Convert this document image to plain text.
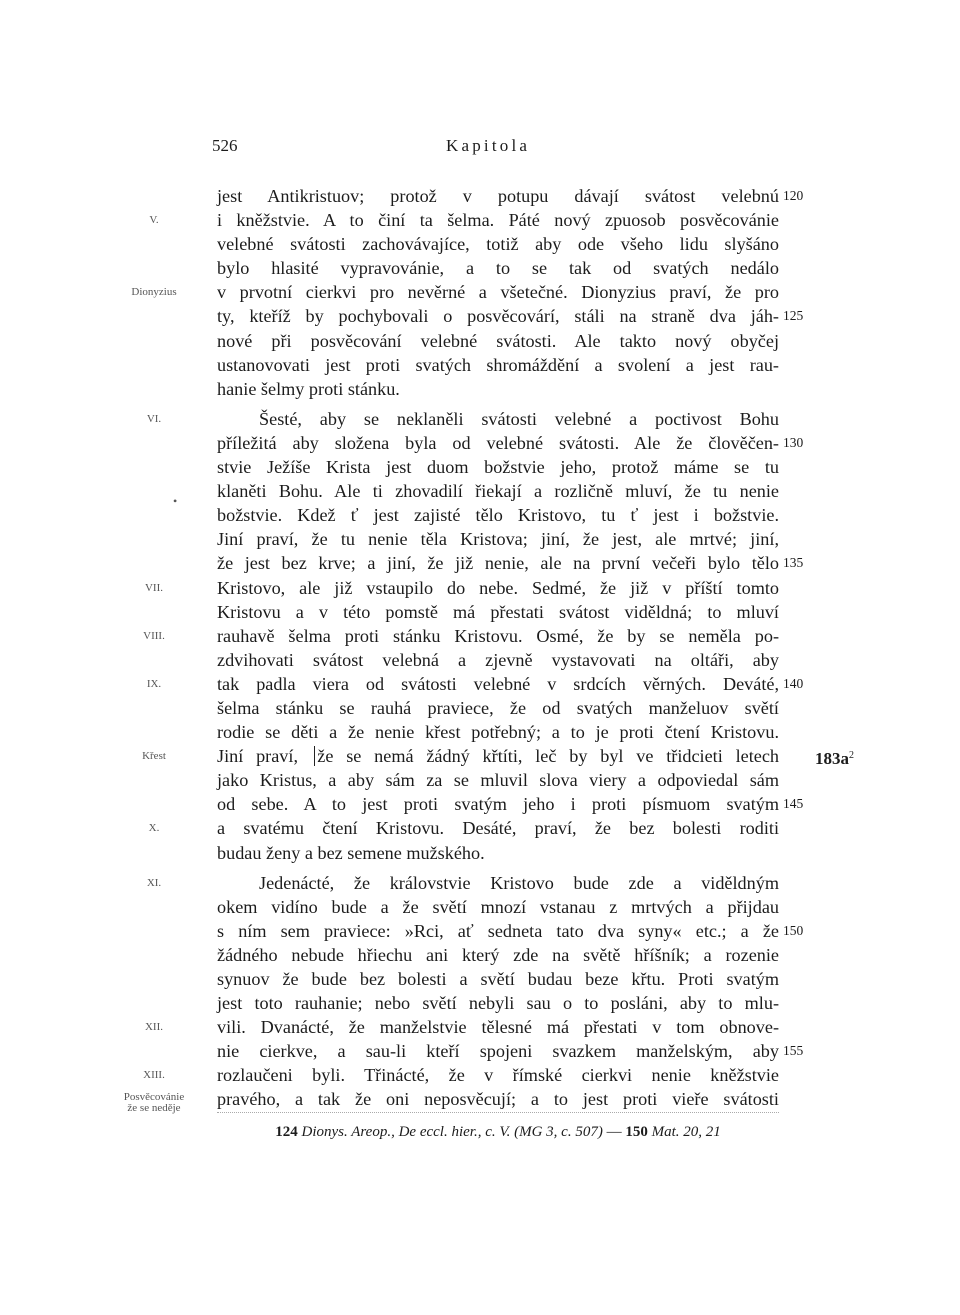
526	Kapitola
jest Antikristuov; protož v potupu dávají svátost velebnú 120
V.	i kněžstvie. A to činí ta šelma. Páté nový zpuosob posvěcovánie
velebné svátosti zachovávajíce, totiž aby ode všeho lidu slyšáno
bylo hlasité vypravovánie, a to se tak od svatých nedálo
Dionyzius	v prvotní cierkvi pro nevěrné a všetečné. Dionyzius praví, že pro
ty, kteříž by pochybovali o posvěcovárí, stáli na straně dva jáh- 125
nové při posvěcování velebné svátosti. Ale takto nový obyčej
ustanovovati jest proti svatých shromáždění a svolení a jest rau-
hanie šelmy proti stánku.
VI.	Šesté, aby se neklaněli svátosti velebné a poctivost Bohu
příležitá aby složena byla od velebné svátosti. Ale že člověčen- 130
stvie Ježíše Krista jest duom božstvie jeho, protož máme se tu
klaněti Bohu. Ale ti zhovadilí řiekají a rozličně mluví, že tu nenie
božstvie. Kdež ť jest zajisté tělo Kristovo, tu ť jest i božstvie.
Jiní praví, že tu nenie těla Kristova; jiní, že jest, ale mrtvé; jiní,
že jest bez krve; a jiní, že již nenie, ale na první večeři bylo tělo 135
VII.	Kristovo, ale již vstaupilo do nebe. Sedmé, že již v příští tomto
Kristovu a v této pomstě má přestati svátost viděldná; to mluví
VIII.	rauhavě šelma proti stánku Kristovu. Osmé, že by se neměla po-
zdvihovati svátost velebná a zjevně vystavovati na oltáři, aby
IX.	tak padla viera od svátosti velebné v srdcích věrných. Deváté, 140
šelma stánku se rauhá praviece, že od svatých manželuov světí
rodie se děti a že nenie křest potřebný; a to je proti čtení Kristovu.
Křest	Jiní praví, že se nemá žádný křtíti, leč by byl ve třidcieti letech $183a^2$
jako Kristus, a aby sám za se mluvil slova viery a odpoviedal sám
od sebe. A to jest proti svatým jeho i proti písmuom svatým 145
X.	a svatému čtení Kristovu. Desáté, praví, že bez bolesti roditi
budau ženy a bez semene mužského.
XI.	Jedenácté, že královstvie Kristovo bude zde a viděldným
okem vidíno bude a že světí mnozí vstanau z mrtvých a přijdau
s ním sem praviece: »Rci, ať sedneta tato dva syny« etc.; a že 150
žádného nebude hřiechu ani který zde na světě hříšník; a rozenie
synuov že bude bez bolesti a světí budau beze křtu. Proti svatým
jest toto rauhanie; nebo světí nebyli sau o to posláni, aby to mlu-
XII.	vili. Dvanácté, že manželstvie tělesné má přestati v tom obnove-
nie cierkve, a sau-li kteří spojeni svazkem manželským, aby 155
XIII.	rozlaučeni byli. Třinácté, že v římské cierkvi nenie kněžstvie
Posvěcovánie
že se neděje	pravého, a tak že oni neposvěcují; a to jest proti vieře svátosti
•
124 Dionys. Areop., De eccl. hier., c. V. (MG 3, c. 507) — 150 Mat. 20, 21
